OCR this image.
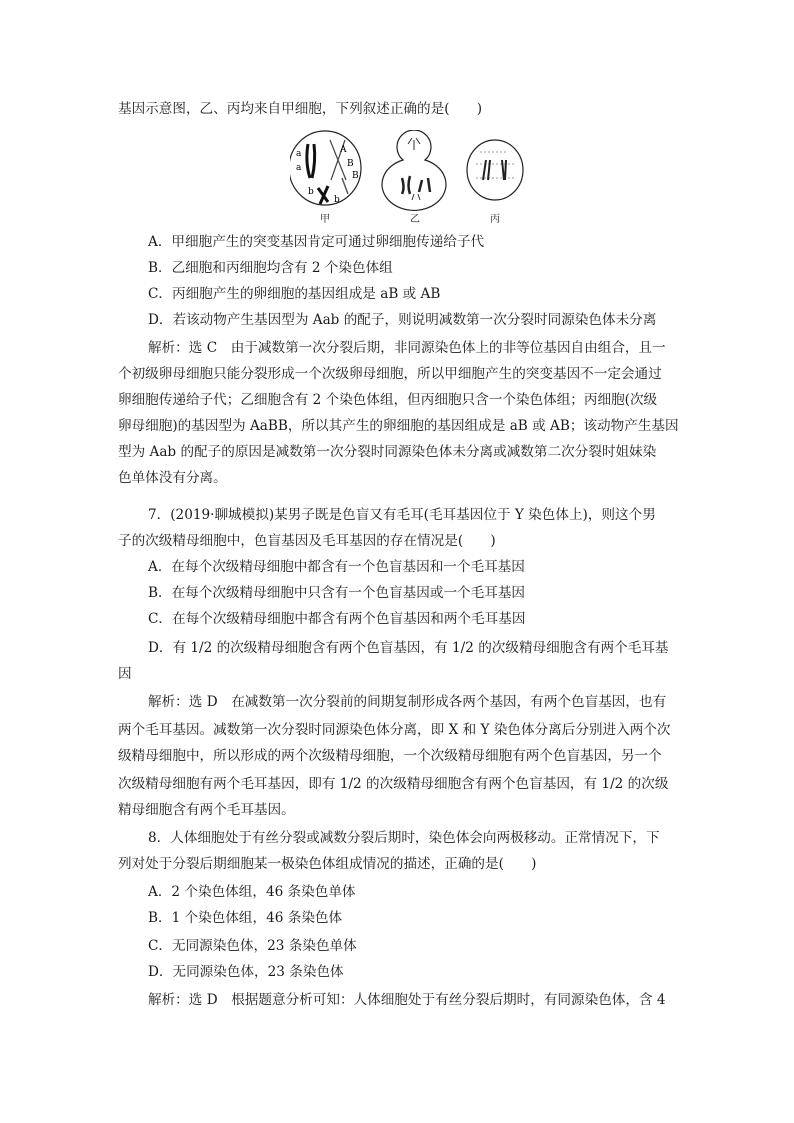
基因示意图，乙、丙均来自甲细胞，下列叙述正确的是(　　)
a
a
A
B
B
b
b
甲	乙	丙
A．甲细胞产生的突变基因肯定可通过卵细胞传递给子代
B．乙细胞和丙细胞均含有 2 个染色体组
C．丙细胞产生的卵细胞的基因组成是 aB 或 AB
D．若该动物产生基因型为 Aab 的配子，则说明减数第一次分裂时同源染色体未分离
解析：选 C　由于减数第一次分裂后期，非同源染色体上的非等位基因自由组合，且一
个初级卵母细胞只能分裂形成一个次级卵母细胞，所以甲细胞产生的突变基因不一定会通过
卵细胞传递给子代；乙细胞含有 2 个染色体组，但丙细胞只含一个染色体组；丙细胞(次级
卵母细胞)的基因型为 AaBB，所以其产生的卵细胞的基因组成是 aB 或 AB；该动物产生基因
型为 Aab 的配子的原因是减数第一次分裂时同源染色体未分离或减数第二次分裂时姐妹染
色单体没有分离。
7．(2019·聊城模拟)某男子既是色盲又有毛耳(毛耳基因位于 Y 染色体上)，则这个男
子的次级精母细胞中，色盲基因及毛耳基因的存在情况是(　　)
A．在每个次级精母细胞中都含有一个色盲基因和一个毛耳基因
B．在每个次级精母细胞中只含有一个色盲基因或一个毛耳基因
C．在每个次级精母细胞中都含有两个色盲基因和两个毛耳基因
D．有 1/2 的次级精母细胞含有两个色盲基因，有 1/2 的次级精母细胞含有两个毛耳基
因
解析：选 D　在减数第一次分裂前的间期复制形成各两个基因，有两个色盲基因，也有
两个毛耳基因。减数第一次分裂时同源染色体分离，即 X 和 Y 染色体分离后分别进入两个次
级精母细胞中，所以形成的两个次级精母细胞，一个次级精母细胞有两个色盲基因，另一个
次级精母细胞有两个毛耳基因，即有 1/2 的次级精母细胞含有两个色盲基因，有 1/2 的次级
精母细胞含有两个毛耳基因。
8．人体细胞处于有丝分裂或减数分裂后期时，染色体会向两极移动。正常情况下，下
列对处于分裂后期细胞某一极染色体组成情况的描述，正确的是(　　)
A．2 个染色体组，46 条染色单体
B．1 个染色体组，46 条染色体
C．无同源染色体，23 条染色单体
D．无同源染色体，23 条染色体
解析：选 D　根据题意分析可知：人体细胞处于有丝分裂后期时，有同源染色体，含 4
